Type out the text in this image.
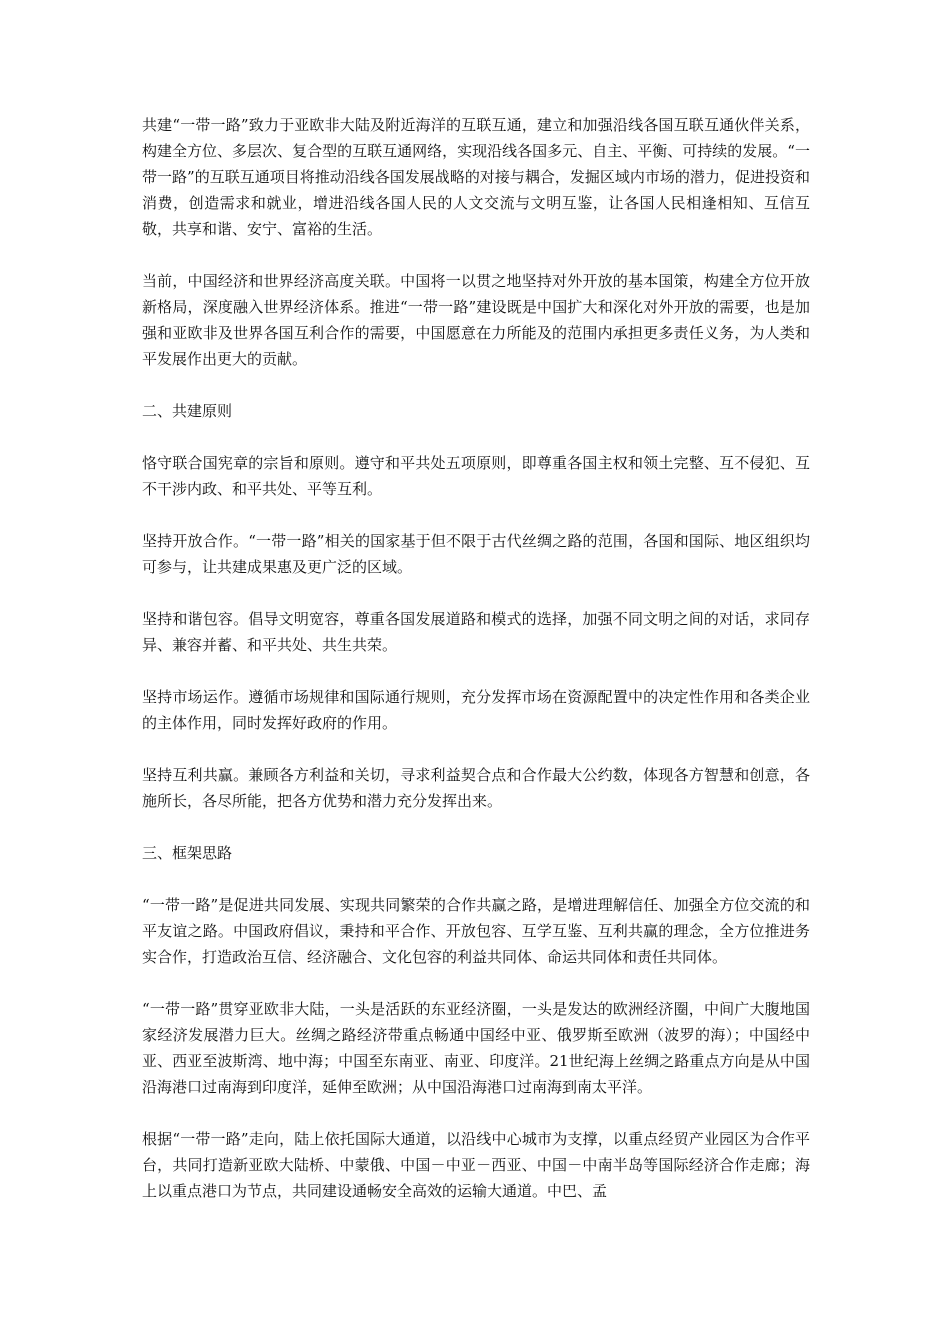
共建“一带一路”致力于亚欧非大陆及附近海洋的互联互通，建立和加强沿线各国互联互通伙伴关系，构建全方位、多层次、复合型的互联互通网络，实现沿线各国多元、自主、平衡、可持续的发展。“一带一路”的互联互通项目将推动沿线各国发展战略的对接与耦合，发掘区域内市场的潜力，促进投资和消费，创造需求和就业，增进沿线各国人民的人文交流与文明互鉴，让各国人民相逢相知、互信互敬，共享和谐、安宁、富裕的生活。

当前，中国经济和世界经济高度关联。中国将一以贯之地坚持对外开放的基本国策，构建全方位开放新格局，深度融入世界经济体系。推进“一带一路”建设既是中国扩大和深化对外开放的需要，也是加强和亚欧非及世界各国互利合作的需要，中国愿意在力所能及的范围内承担更多责任义务，为人类和平发展作出更大的贡献。

二、共建原则

恪守联合国宪章的宗旨和原则。遵守和平共处五项原则，即尊重各国主权和领土完整、互不侵犯、互不干涉内政、和平共处、平等互利。

坚持开放合作。“一带一路”相关的国家基于但不限于古代丝绸之路的范围，各国和国际、地区组织均可参与，让共建成果惠及更广泛的区域。

坚持和谐包容。倡导文明宽容，尊重各国发展道路和模式的选择，加强不同文明之间的对话，求同存异、兼容并蓄、和平共处、共生共荣。

坚持市场运作。遵循市场规律和国际通行规则，充分发挥市场在资源配置中的决定性作用和各类企业的主体作用，同时发挥好政府的作用。

坚持互利共赢。兼顾各方利益和关切，寻求利益契合点和合作最大公约数，体现各方智慧和创意，各施所长，各尽所能，把各方优势和潜力充分发挥出来。

三、框架思路

“一带一路”是促进共同发展、实现共同繁荣的合作共赢之路，是增进理解信任、加强全方位交流的和平友谊之路。中国政府倡议，秉持和平合作、开放包容、互学互鉴、互利共赢的理念，全方位推进务实合作，打造政治互信、经济融合、文化包容的利益共同体、命运共同体和责任共同体。

“一带一路”贯穿亚欧非大陆，一头是活跃的东亚经济圈，一头是发达的欧洲经济圈，中间广大腹地国家经济发展潜力巨大。丝绸之路经济带重点畅通中国经中亚、俄罗斯至欧洲（波罗的海）；中国经中亚、西亚至波斯湾、地中海；中国至东南亚、南亚、印度洋。21世纪海上丝绸之路重点方向是从中国沿海港口过南海到印度洋，延伸至欧洲；从中国沿海港口过南海到南太平洋。

根据“一带一路”走向，陆上依托国际大通道，以沿线中心城市为支撑，以重点经贸产业园区为合作平台，共同打造新亚欧大陆桥、中蒙俄、中国－中亚－西亚、中国－中南半岛等国际经济合作走廊；海上以重点港口为节点，共同建设通畅安全高效的运输大通道。中巴、孟
